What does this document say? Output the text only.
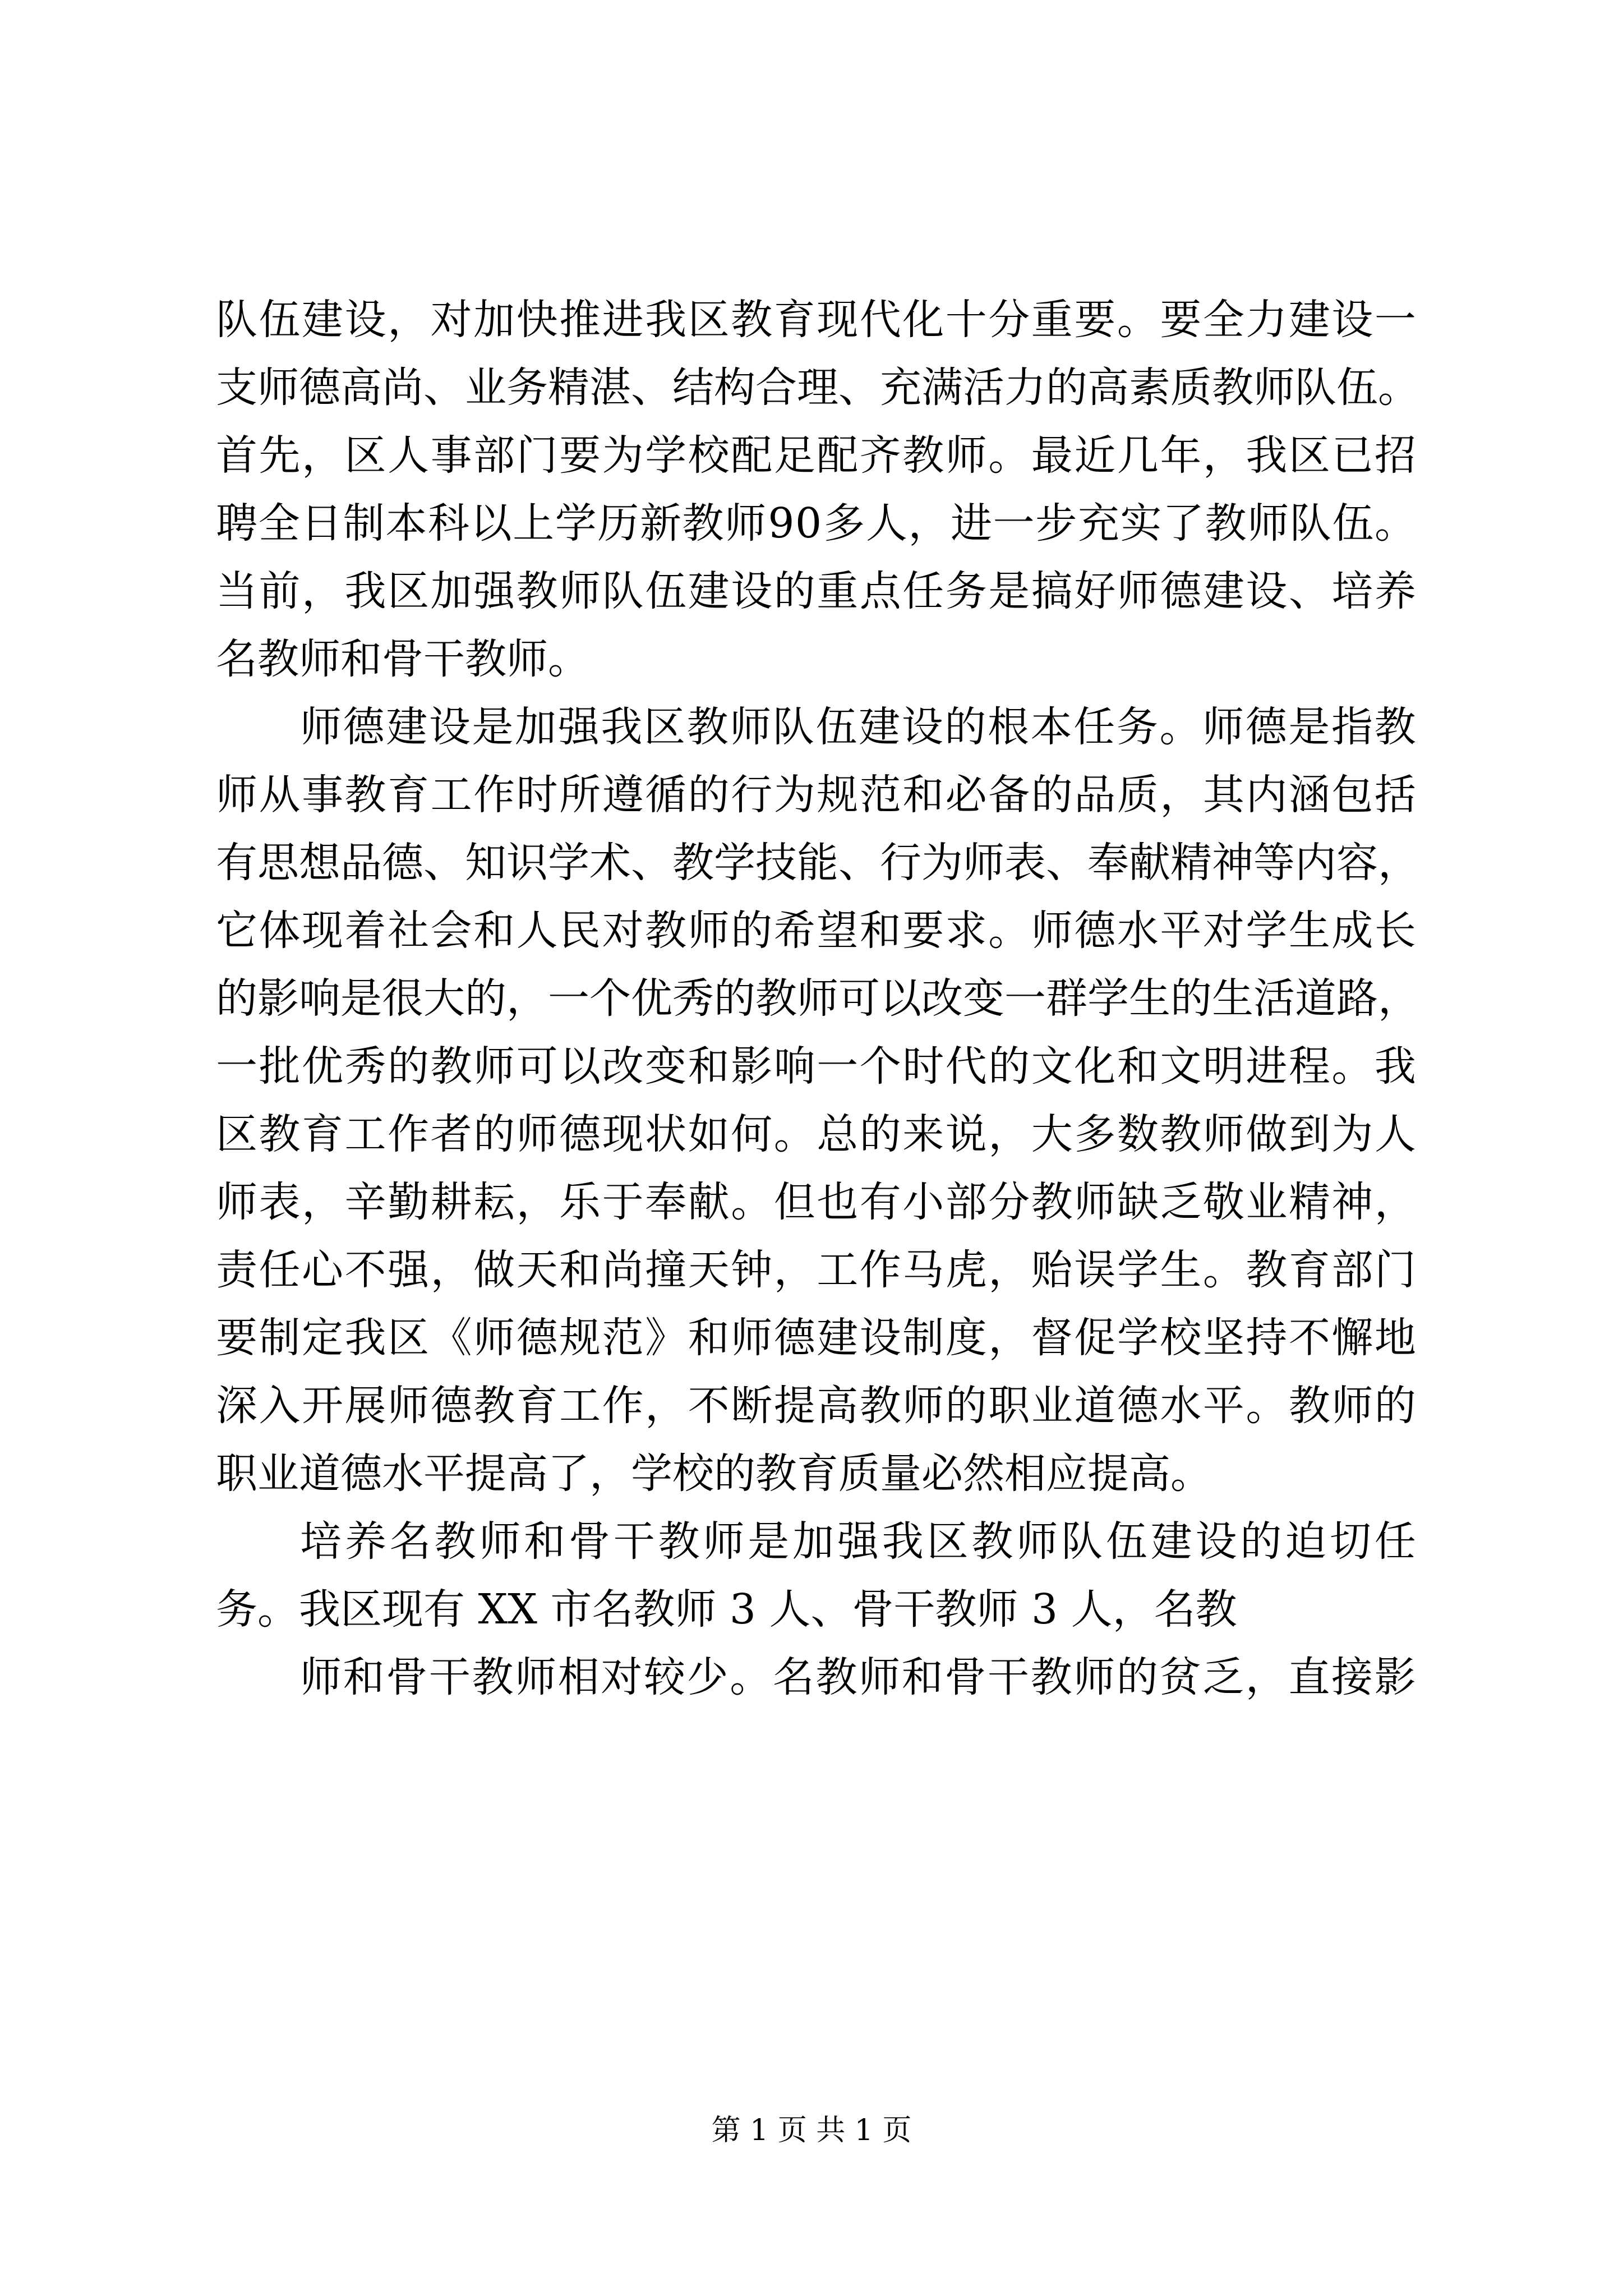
队 伍 建 设 ， 对 加 快 推 进 我 区 教 育 现 代 化 十 分 重 要 。 要 全 力 建 设 一
支 师 德 高 尚 、 业 务 精 湛 、 结 构 合 理 、 充 满 活 力 的 高 素 质 教 师 队 伍 。
首 先 ， 区 人 事 部 门 要 为 学 校 配 足 配 齐 教 师 。 最 近 几 年 ， 我 区 已 招
聘 全 日 制 本 科 以 上 学 历 新 教 师 9 0 多 人 ， 进 一 步 充 实 了 教 师 队 伍 。
当 前 ， 我 区 加 强 教 师 队 伍 建 设 的 重 点 任 务 是 搞 好 师 德 建 设 、 培 养
名教师和骨干教师。
师 德 建 设 是 加 强 我 区 教 师 队 伍 建 设 的 根 本 任 务 。 师 德 是 指 教
师 从 事 教 育 工 作 时 所 遵 循 的 行 为 规 范 和 必 备 的 品 质 ， 其 内 涵 包 括
有 思 想 品 德 、 知 识 学 术 、 教 学 技 能 、 行 为 师 表 、 奉 献 精 神 等 内 容 ，
它 体 现 着 社 会 和 人 民 对 教 师 的 希 望 和 要 求 。 师 德 水 平 对 学 生 成 长
的 影 响 是 很 大 的 ， 一 个 优 秀 的 教 师 可 以 改 变 一 群 学 生 的 生 活 道 路 ，
一 批 优 秀 的 教 师 可 以 改 变 和 影 响 一 个 时 代 的 文 化 和 文 明 进 程 。 我
区 教 育 工 作 者 的 师 德 现 状 如 何 。 总 的 来 说 ， 大 多 数 教 师 做 到 为 人
师 表 ， 辛 勤 耕 耘 ， 乐 于 奉 献 。 但 也 有 小 部 分 教 师 缺 乏 敬 业 精 神 ，
责 任 心 不 强 ， 做 天 和 尚 撞 天 钟 ， 工 作 马 虎 ， 贻 误 学 生 。 教 育 部 门
要 制 定 我 区 《 师 德 规 范 》 和 师 德 建 设 制 度 ， 督 促 学 校 坚 持 不 懈 地
深 入 开 展 师 德 教 育 工 作 ， 不 断 提 高 教 师 的 职 业 道 德 水 平 。 教 师 的
职业道德水平提高了，学校的教育质量必然相应提高。
培 养 名 教 师 和 骨 干 教 师 是 加 强 我 区 教 师 队 伍 建 设 的 迫 切 任
务。我区现有 XX 市名教师 3 人、骨干教师 3 人，名教
师 和 骨 干 教 师 相 对 较 少 。 名 教 师 和 骨 干 教 师 的 贫 乏 ， 直 接 影
第 1 页 共 1 页
